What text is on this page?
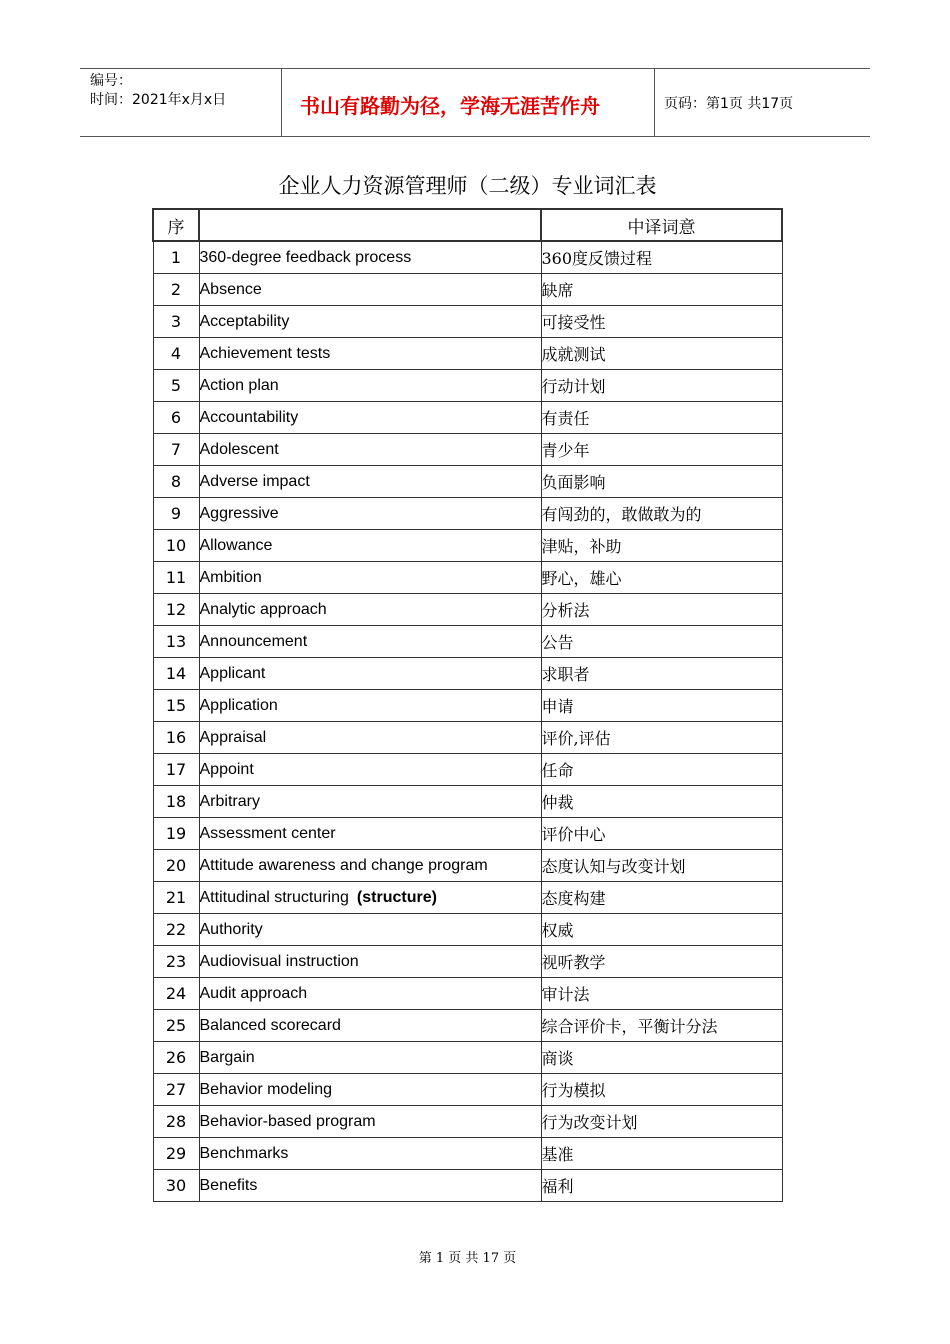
编号：
时间：2021年x月x日	书山有路勤为径，学海无涯苦作舟	页码：第1页 共17页
企业人力资源管理师（二级）专业词汇表
序		中译词意
1	360-degree feedback process	360度反馈过程
2	Absence	缺席
3	Acceptability	可接受性
4	Achievement tests	成就测试
5	Action plan	行动计划
6	Accountability	有责任
7	Adolescent	青少年
8	Adverse impact	负面影响
9	Aggressive	有闯劲的，敢做敢为的
10	Allowance	津贴，补助
11	Ambition	野心，雄心
12	Analytic approach	分析法
13	Announcement	公告
14	Applicant	求职者
15	Application	申请
16	Appraisal	评价,评估
17	Appoint	任命
18	Arbitrary	仲裁
19	Assessment center	评价中心
20	Attitude awareness and change program	态度认知与改变计划
21	Attitudinal structuring (structure)	态度构建
22	Authority	权威
23	Audiovisual instruction	视听教学
24	Audit approach	审计法
25	Balanced scorecard	综合评价卡，平衡计分法
26	Bargain	商谈
27	Behavior modeling	行为模拟
28	Behavior-based program	行为改变计划
29	Benchmarks	基准
30	Benefits	福利
第 1 页 共 17 页
